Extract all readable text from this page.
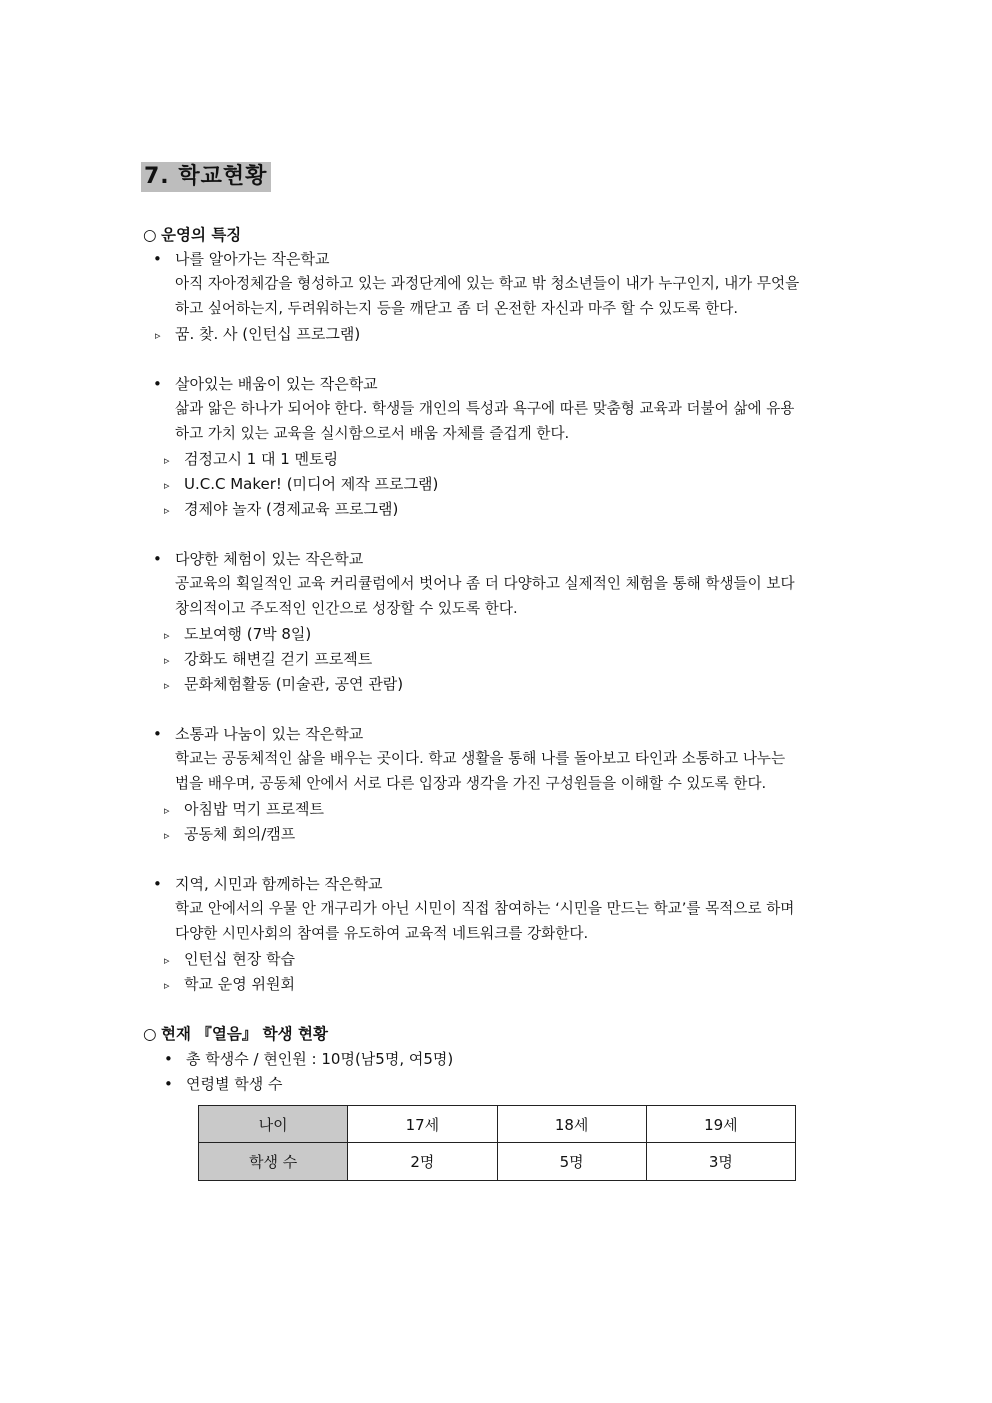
7. 학교현황
○ 운영의 특징
• 나를 알아가는 작은학교
아직 자아정체감을 형성하고 있는 과정단계에 있는 학교 밖 청소년들이 내가 누구인지, 내가 무엇을
하고 싶어하는지, 두려워하는지 등을 깨닫고 좀 더 온전한 자신과 마주 할 수 있도록 한다.
▹ 꿈. 찾. 사 (인턴십 프로그램)
• 살아있는 배움이 있는 작은학교
삶과 앎은 하나가 되어야 한다. 학생들 개인의 특성과 욕구에 따른 맞춤형 교육과 더불어 삶에 유용
하고 가치 있는 교육을 실시함으로서 배움 자체를 즐겁게 한다.
▹ 검정고시 1 대 1 멘토링
▹ U.C.C Maker! (미디어 제작 프로그램)
▹ 경제야 놀자 (경제교육 프로그램)
• 다양한 체험이 있는 작은학교
공교육의 획일적인 교육 커리큘럼에서 벗어나 좀 더 다양하고 실제적인 체험을 통해 학생들이 보다
창의적이고 주도적인 인간으로 성장할 수 있도록 한다.
▹ 도보여행 (7박 8일)
▹ 강화도 해변길 걷기 프로젝트
▹ 문화체험활동 (미술관, 공연 관람)
• 소통과 나눔이 있는 작은학교
학교는 공동체적인 삶을 배우는 곳이다. 학교 생활을 통해 나를 돌아보고 타인과 소통하고 나누는
법을 배우며, 공동체 안에서 서로 다른 입장과 생각을 가진 구성원들을 이해할 수 있도록 한다.
▹ 아침밥 먹기 프로젝트
▹ 공동체 회의/캠프
• 지역, 시민과 함께하는 작은학교
학교 안에서의 우물 안 개구리가 아닌 시민이 직접 참여하는 ‘시민을 만드는 학교’를 목적으로 하며
다양한 시민사회의 참여를 유도하여 교육적 네트워크를 강화한다.
▹ 인턴십 현장 학습
▹ 학교 운영 위원회
○ 현재 『열음』 학생 현황
• 총 학생수 / 현인원 : 10명(남5명, 여5명)
• 연령별 학생 수
나이	17세	18세	19세
학생 수	2명	5명	3명
